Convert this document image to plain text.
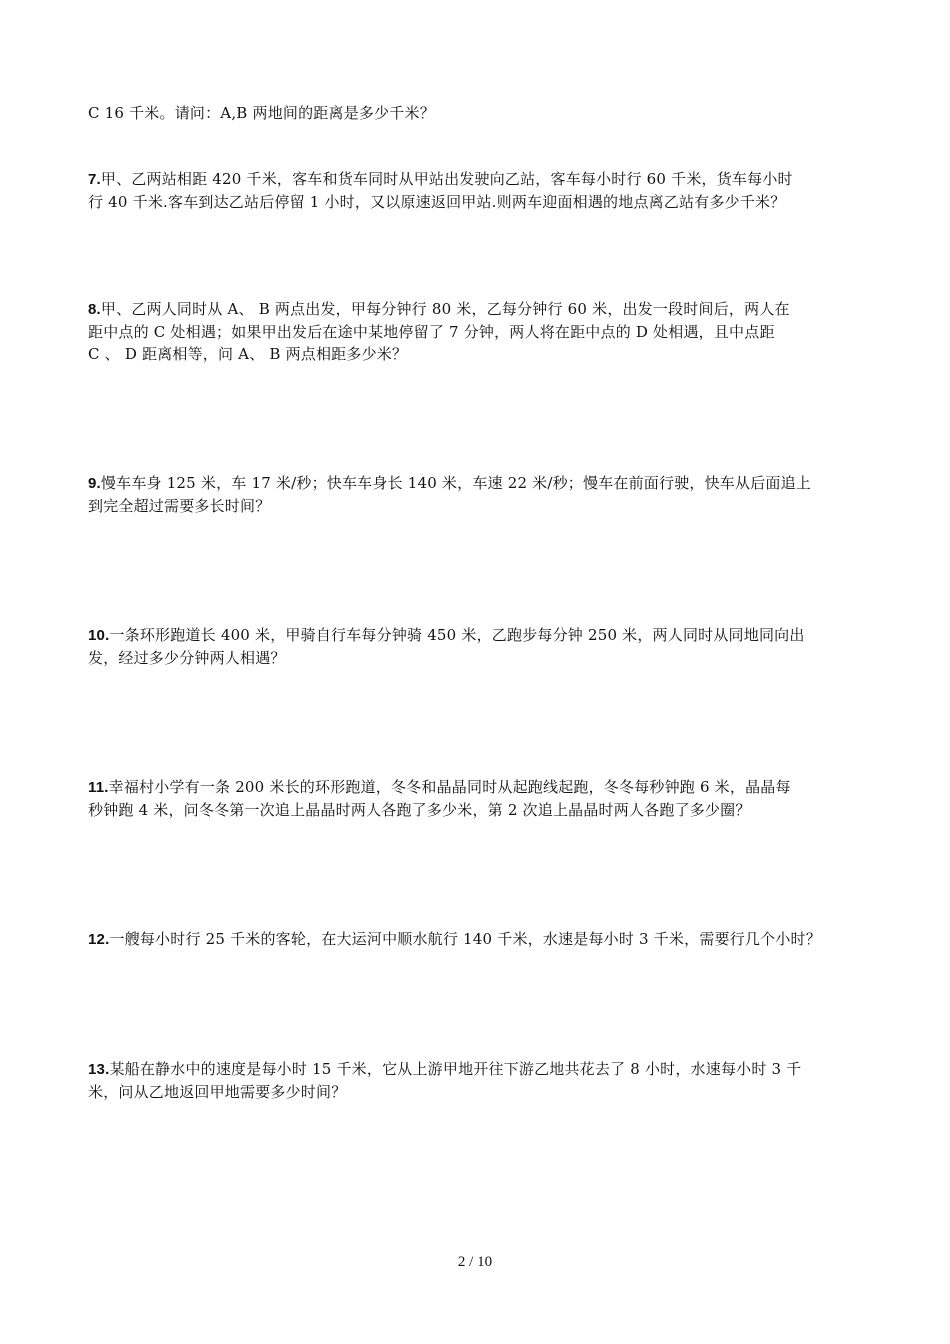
C 16 千米。请问：A,B 两地间的距离是多少千米？
7.甲、乙两站相距 420 千米，客车和货车同时从甲站出发驶向乙站，客车每小时行 60 千米，货车每小时
行 40 千米.客车到达乙站后停留 1 小时，又以原速返回甲站.则两车迎面相遇的地点离乙站有多少千米？
8.甲、乙两人同时从 A、 B 两点出发，甲每分钟行 80 米，乙每分钟行 60 米，出发一段时间后，两人在
距中点的 C 处相遇；如果甲出发后在途中某地停留了 7 分钟，两人将在距中点的 D 处相遇，且中点距
C 、 D 距离相等，问 A、 B 两点相距多少米？
9.慢车车身 125 米，车 17 米/秒；快车车身长 140 米，车速 22 米/秒；慢车在前面行驶，快车从后面追上
到完全超过需要多长时间？
10.一条环形跑道长 400 米，甲骑自行车每分钟骑 450 米，乙跑步每分钟 250 米，两人同时从同地同向出
发，经过多少分钟两人相遇？
11.幸福村小学有一条 200 米长的环形跑道，冬冬和晶晶同时从起跑线起跑，冬冬每秒钟跑 6 米，晶晶每
秒钟跑 4 米，问冬冬第一次追上晶晶时两人各跑了多少米，第 2 次追上晶晶时两人各跑了多少圈？
12.一艘每小时行 25 千米的客轮，在大运河中顺水航行 140 千米，水速是每小时 3 千米，需要行几个小时？
13.某船在静水中的速度是每小时 15 千米，它从上游甲地开往下游乙地共花去了 8 小时，水速每小时 3 千
米，问从乙地返回甲地需要多少时间？
2 / 10
